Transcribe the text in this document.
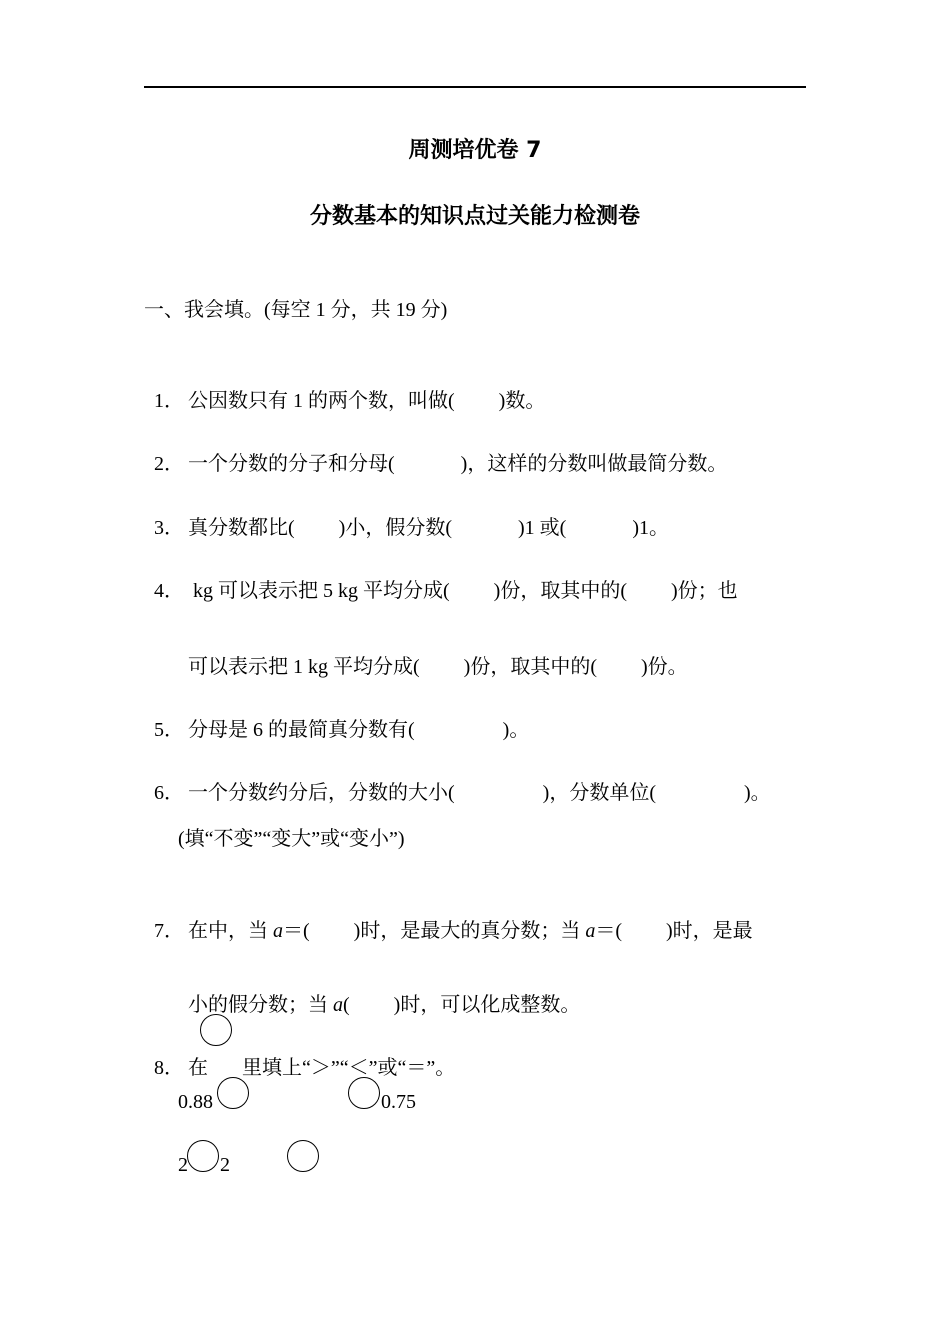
周测培优卷 7
分数基本的知识点过关能力检测卷
一、我会填。(每空 1 分，共 19 分)

1． 公因数只有 1 的两个数，叫做( )数。

2． 一个分数的分子和分母(	)，这样的分数叫做最简分数。

3． 真分数都比( )小，假分数(	)1 或(	)1。

4． kg 可以表示把 5 kg 平均分成( )份，取其中的( )份；也

可以表示把 1 kg 平均分成( )份，取其中的( )份。

5． 分母是 6 的最简真分数有(	)。

6． 一个分数约分后，分数的大小(	)，分数单位(	)。

(填“不变”“变大”或“变小”)

7． 在中，当 a＝( )时，是最大的真分数；当 a＝( )时，是最

小的假分数；当 a( )时，可以化成整数。

8． 在 里填上“＞”“＜”或“＝”。

0.88	0.75
2 2
